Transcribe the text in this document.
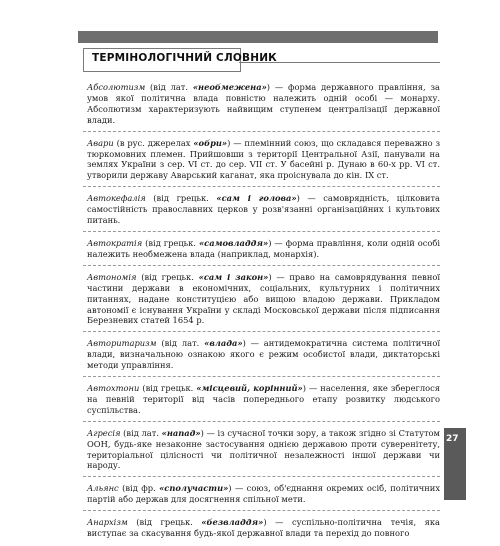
ТЕРМІНОЛОГІЧНИЙ СЛОВНИК

Абсолютизм (від лат. «необмежена») — форма державного правління, за умов якої політична влада повністю належить одній особі — монарху. Абсолютизм характеризують найвищим ступенем централізації державної влади.

Авари (в рус. джерелах «обри») — племінний союз, що складався переважно з тюркомовних племен. Прийшовши з території Центральної Азії, панували на землях України з сер. VI ст. до сер. VII ст. У басейні р. Дунаю в 60-х рр. VI ст. утворили державу Аварський каганат, яка проіснувала до кін. IX ст.

Автокефалія (від грецьк. «сам і голова») — самоврядність, цілковита самостійність православних церков у розв'язанні організаційних і культових питань.

Автократія (від грецьк. «самовладдя») — форма правління, коли одній особі належить необмежена влада (наприклад, монархія).

Автономія (від грецьк. «сам і закон») — право на самоврядування певної частини держави в економічних, соціальних, культурних і політичних питаннях, надане конституцією або вищою владою держави. Прикладом автономії є існування України у складі Московської держави після підписання Березневих статей 1654 р.

Авторитаризм (від лат. «влада») — антидемократична система політичної влади, визначальною ознакою якого є режим особистої влади, диктаторські методи управління.

Автохтони (від грецьк. «місцевий, корінний») — населення, яке збереглося на певній території від часів попереднього етапу розвитку людського суспільства.

Агресія (від лат. «напад») — із сучасної точки зору, а також згідно зі Статутом ООН, будь-яке незаконне застосування однією державою проти суверенітету, територіальної цілісності чи політичної незалежності іншої держави чи народу.

Альянс (від фр. «сполучасти») — союз, об'єднання окремих осіб, політичних партій або держав для досягнення спільної мети.

Анархізм (від грецьк. «безвладдя») — суспільно-політична течія, яка виступає за скасування будь-якої державної влади та перехід до повного

27
